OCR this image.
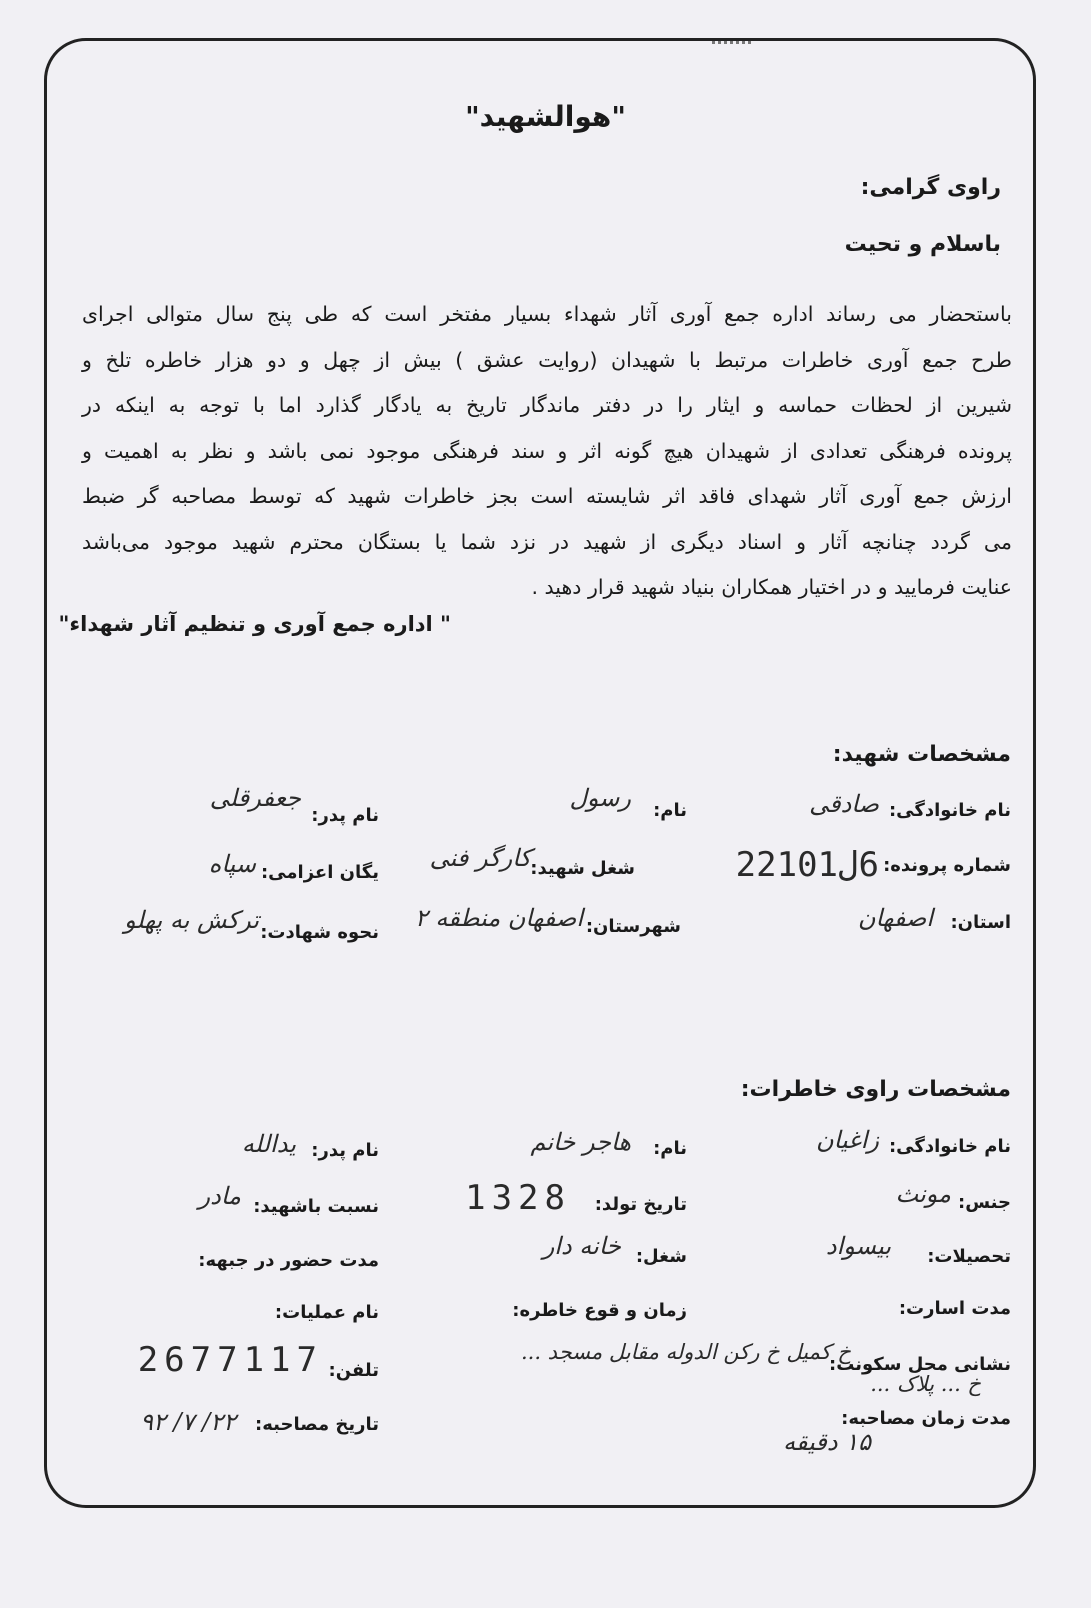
"هوالشهید"
راوی گرامی:
باسلام و تحیت
باستحضار می رساند اداره جمع آوری آثار شهداء بسیار مفتخر است که طی پنج سال متوالی اجرای
طرح جمع آوری خاطرات مرتبط با شهیدان (روایت عشق ) بیش از چهل و دو هزار خاطره تلخ و
شیرین از لحظات حماسه و ایثار را در دفتر ماندگار تاریخ به یادگار گذارد اما با توجه به اینکه در
پرونده فرهنگی تعدادی از شهیدان هیچ گونه اثر و سند فرهنگی موجود نمی باشد و نظر به اهمیت و
ارزش جمع آوری آثار شهدای فاقد اثر شایسته است بجز خاطرات شهید که توسط مصاحبه گر ضبط
می گردد چنانچه آثار و اسناد دیگری از شهید در نزد شما یا بستگان محترم شهید موجود می‌باشد
عنایت فرمایید و در اختیار همکاران بنیاد شهید قرار دهید .
" اداره جمع آوری و تنظیم آثار شهداء"
مشخصات شهید:
نام خانوادگی:
صادقی
نام:
رسول
نام پدر:
جعفرقلی
شماره پرونده:
6ل22101
شغل شهید:
کارگر فنی
یگان اعزامی:
سپاه
استان:
اصفهان
شهرستان:
اصفهان منطقه ۲
نحوه شهادت:
ترکش به پهلو
مشخصات راوی خاطرات:
نام خانوادگی:
زاغیان
نام:
هاجر خانم
نام پدر:
یدالله
جنس:
مونث
تاریخ تولد:
1328
نسبت باشهید:
مادر
تحصیلات:
بیسواد
شغل:
خانه دار
مدت حضور در جبهه:
مدت اسارت:
زمان و قوع خاطره:
نام عملیات:
نشانی محل سکونت:
خ کمیل خ رکن الدوله مقابل مسجد ...
خ ... پلاک ...
تلفن:
2677117
مدت زمان مصاحبه:
۱۵ دقیقه
تاریخ مصاحبه:
۲۲/ ۷/ ۹۲
